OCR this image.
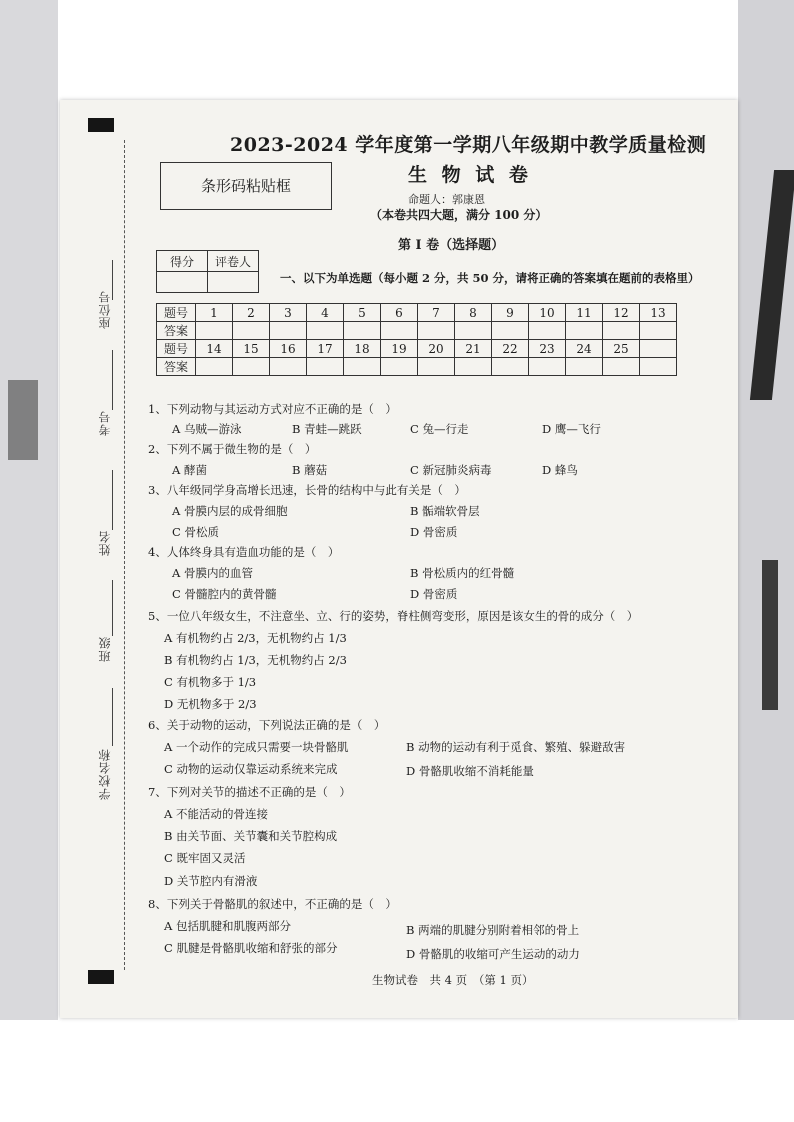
座位号
考号
姓名
班级
学校名称
2023-2024 学年度第一学期八年级期中教学质量检测
生 物 试 卷
命题人：郭康恩
（本卷共四大题，满分 100 分）
条形码粘贴框
第 I 卷（选择题）
得分	评卷人

一、以下为单选题（每小题 2 分，共 50 分，请将正确的答案填在题前的表格里）
题号	1	2	3	4	5	6	7	8	9	10	11	12	13
答案													
题号	14	15	16	17	18	19	20	21	22	23	24	25	
答案													
1、下列动物与其运动方式对应不正确的是（　）
A 乌贼—游泳	B 青蛙—跳跃	C 兔—行走	D 鹰—飞行
2、下列不属于微生物的是（　）
A 酵菌	B 蘑菇	C 新冠肺炎病毒	D 蜂鸟
3、八年级同学身高增长迅速，长骨的结构中与此有关是（　）
A 骨膜内层的成骨细胞	B 骺端软骨层
C 骨松质	D 骨密质
4、人体终身具有造血功能的是（　）
A 骨膜内的血管	B 骨松质内的红骨髓
C 骨髓腔内的黄骨髓	D 骨密质
5、一位八年级女生，不注意坐、立、行的姿势，脊柱侧弯变形，原因是该女生的骨的成分（　）
A 有机物约占 2/3，无机物约占 1/3
B 有机物约占 1/3，无机物约占 2/3
C 有机物多于 1/3
D 无机物多于 2/3
6、关于动物的运动，下列说法正确的是（　）
A 一个动作的完成只需要一块骨骼肌	B 动物的运动有利于觅食、繁殖、躲避敌害
C 动物的运动仅靠运动系统来完成	D 骨骼肌收缩不消耗能量
7、下列对关节的描述不正确的是（　）
A 不能活动的骨连接
B 由关节面、关节囊和关节腔构成
C 既牢固又灵活
D 关节腔内有滑液
8、下列关于骨骼肌的叙述中，不正确的是（　）
A 包括肌腱和肌腹两部分	B 两端的肌腱分别附着相邻的骨上
C 肌腱是骨骼肌收缩和舒张的部分	D 骨骼肌的收缩可产生运动的动力
生物试卷　共 4 页　（第 1 页）
